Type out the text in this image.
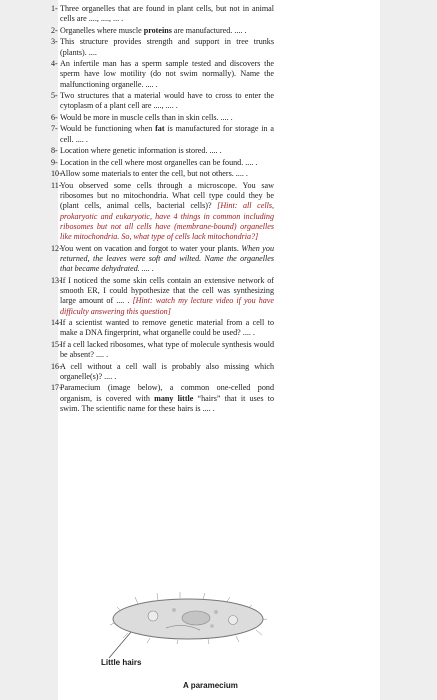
1- Three organelles that are found in plant cells, but not in animal cells are ...., ...., ... .
2- Organelles where muscle proteins are manufactured. .... .
3- This structure provides strength and support in tree trunks (plants). ....
4- An infertile man has a sperm sample tested and discovers the sperm have low motility (do not swim normally). Name the malfunctioning organelle. .... .
5- Two structures that a material would have to cross to enter the cytoplasm of a plant cell are ...., .... .
6- Would be more in muscle cells than in skin cells. .... .
7- Would be functioning when fat is manufactured for storage in a cell. .... .
8- Location where genetic information is stored. .... .
9- Location in the cell where most organelles can be found. .... .
10-
Allow some materials to enter the cell, but not others. .... .
11-
You observed some cells through a microscope. You saw ribosomes but no mitochondria. What cell type could they be (plant cells, animal cells, bacterial cells)? [Hint: all cells, prokaryotic and eukaryotic, have 4 things in common including ribosomes but not all cells have (membrane-bound) organelles like mitochondria. So, what type of cells lack mitochondria?]
12-
You went on vacation and forgot to water your plants. When you returned, the leaves were soft and wilted. Name the organelles that became dehydrated. .... .
13-
If I noticed the some skin cells contain an extensive network of smooth ER, I could hypothesize that the cell was synthesizing large amount of .... . [Hint: watch my lecture video if you have difficulty answering this question]
14-
If a scientist wanted to remove genetic material from a cell to make a DNA fingerprint, what organelle could be used? .... .
15-
If a cell lacked ribosomes, what type of molecule synthesis would be absent? .... .
16-
A cell without a cell wall is probably also missing which organelle(s)? .... .
17-
Paramecium (image below), a common one-celled pond organism, is covered with many little “hairs” that it uses to swim. The scientific name for these hairs is .... .
Little hairs
A paramecium
